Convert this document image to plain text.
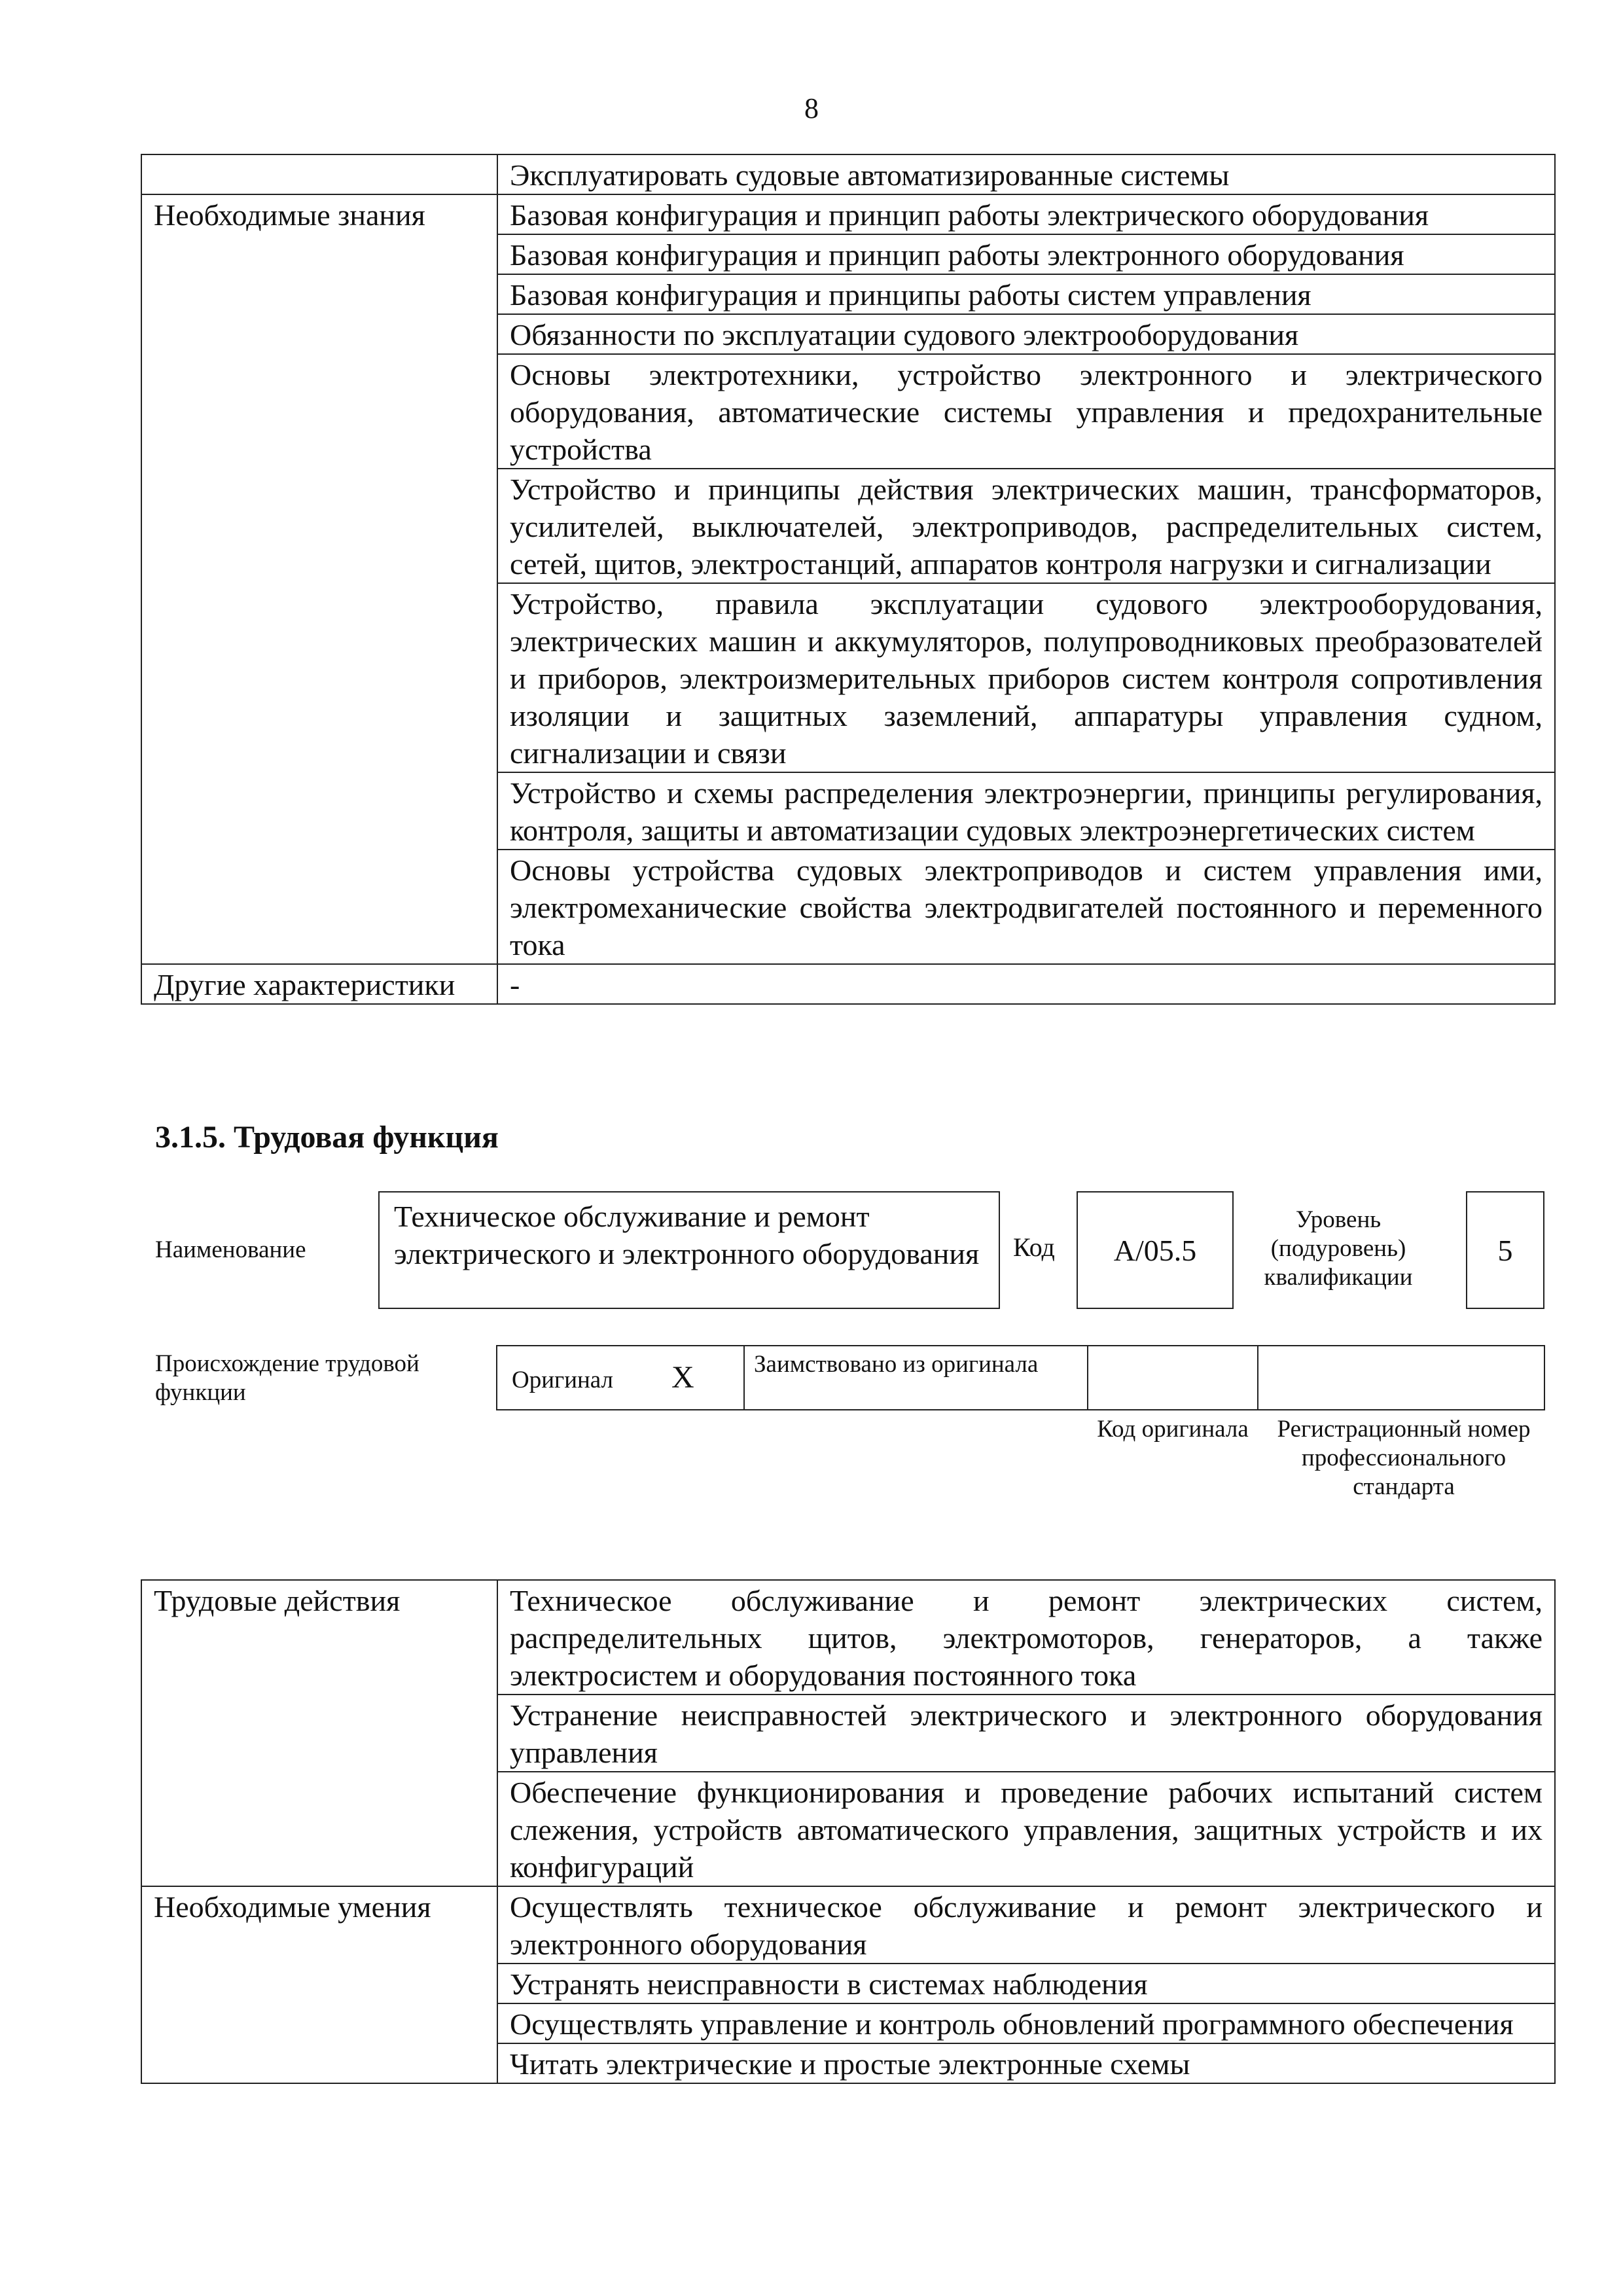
8
	Эксплуатировать судовые автоматизированные системы
Необходимые знания	Базовая конфигурация и принцип работы электрического оборудования
	Базовая конфигурация и принцип работы электронного оборудования
	Базовая конфигурация и принципы работы систем управления
	Обязанности по эксплуатации судового электрооборудования
	Основы электротехники, устройство электронного и электрического оборудования, автоматические системы управления и предохранительные устройства
	Устройство и принципы действия электрических машин, трансформаторов, усилителей, выключателей, электроприводов, распределительных систем, сетей, щитов, электростанций, аппаратов контроля нагрузки и сигнализации
	Устройство, правила эксплуатации судового электрооборудования, электрических машин и аккумуляторов, полупроводниковых преобразователей и приборов, электроизмерительных приборов систем контроля сопротивления изоляции и защитных заземлений, аппаратуры управления судном, сигнализации и связи
	Устройство и схемы распределения электроэнергии, принципы регулирования, контроля, защиты и автоматизации судовых электроэнергетических систем
	Основы устройства судовых электроприводов и систем управления ими, электромеханические свойства электродвигателей постоянного и переменного тока
Другие характеристики	-
3.1.5. Трудовая функция
Наименование
Техническое обслуживание и ремонт электрического и электронного оборудования	Код	A/05.5
Уровень (подуровень) квалификации
5
Происхождение трудовой функции	Оригинал X Заимствовано из оригинала
Код оригинала	Регистрационный номер профессионального стандарта
Трудовые действия	Техническое обслуживание и ремонт электрических систем, распределительных щитов, электромоторов, генераторов, а также электросистем и оборудования постоянного тока
	Устранение неисправностей электрического и электронного оборудования управления
	Обеспечение функционирования и проведение рабочих испытаний систем слежения, устройств автоматического управления, защитных устройств и их конфигураций
Необходимые умения	Осуществлять техническое обслуживание и ремонт электрического и электронного оборудования
	Устранять неисправности в системах наблюдения
	Осуществлять управление и контроль обновлений программного обеспечения
	Читать электрические и простые электронные схемы
